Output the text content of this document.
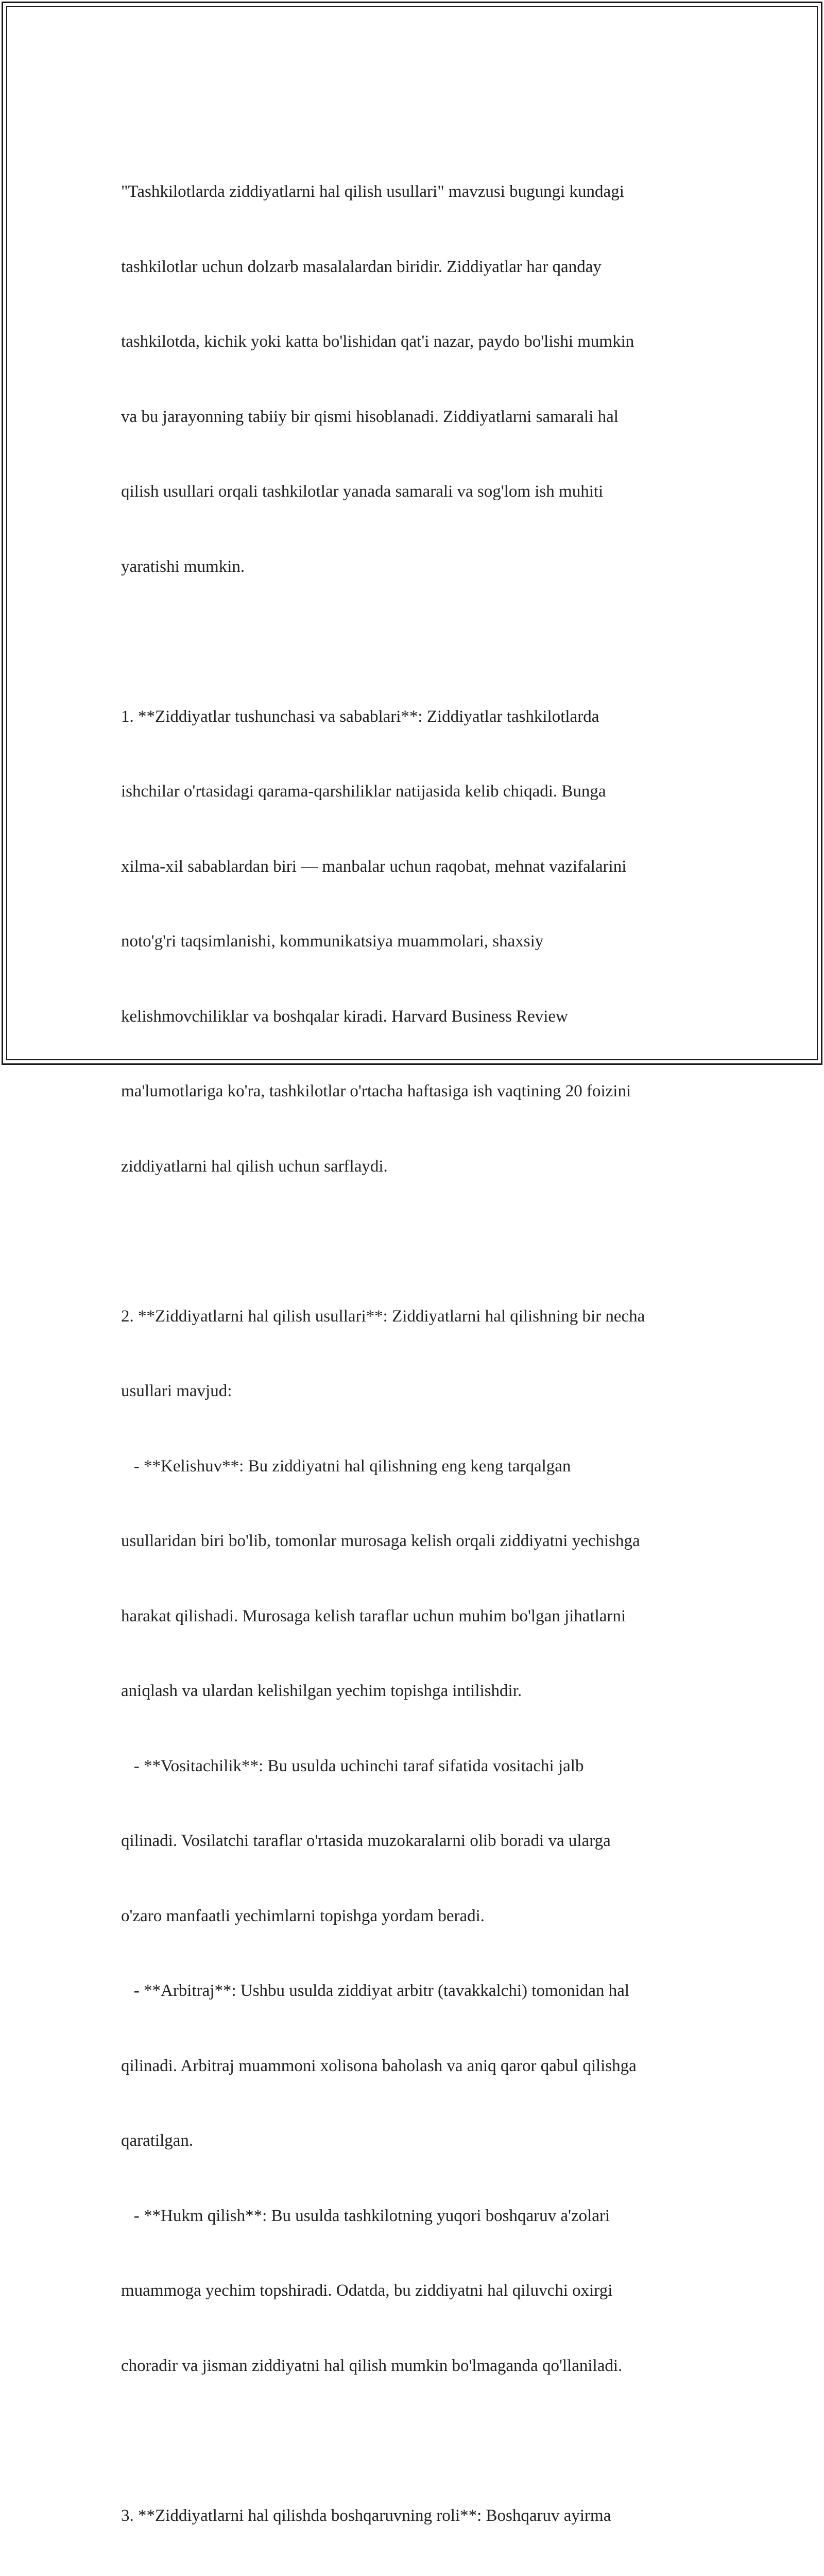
"Tashkilotlarda ziddiyatlarni hal qilish usullari" mavzusi bugungi kundagi

tashkilotlar uchun dolzarb masalalardan biridir. Ziddiyatlar har qanday

tashkilotda, kichik yoki katta bo'lishidan qat'i nazar, paydo bo'lishi mumkin

va bu jarayonning tabiiy bir qismi hisoblanadi. Ziddiyatlarni samarali hal

qilish usullari orqali tashkilotlar yanada samarali va sog'lom ish muhiti

yaratishi mumkin.

1. **Ziddiyatlar tushunchasi va sabablari**: Ziddiyatlar tashkilotlarda

ishchilar o'rtasidagi qarama-qarshiliklar natijasida kelib chiqadi. Bunga

xilma-xil sabablardan biri — manbalar uchun raqobat, mehnat vazifalarini

noto'g'ri taqsimlanishi, kommunikatsiya muammolari, shaxsiy

kelishmovchiliklar va boshqalar kiradi. Harvard Business Review

ma'lumotlariga ko'ra, tashkilotlar o'rtacha haftasiga ish vaqtining 20 foizini

ziddiyatlarni hal qilish uchun sarflaydi.

2. **Ziddiyatlarni hal qilish usullari**: Ziddiyatlarni hal qilishning bir necha

usullari mavjud:

- **Kelishuv**: Bu ziddiyatni hal qilishning eng keng tarqalgan

usullaridan biri bo'lib, tomonlar murosaga kelish orqali ziddiyatni yechishga

harakat qilishadi. Murosaga kelish taraflar uchun muhim bo'lgan jihatlarni

aniqlash va ulardan kelishilgan yechim topishga intilishdir.

- **Vositachilik**: Bu usulda uchinchi taraf sifatida vositachi jalb

qilinadi. Vosilatchi taraflar o'rtasida muzokaralarni olib boradi va ularga

o'zaro manfaatli yechimlarni topishga yordam beradi.

- **Arbitraj**: Ushbu usulda ziddiyat arbitr (tavakkalchi) tomonidan hal

qilinadi. Arbitraj muammoni xolisona baholash va aniq qaror qabul qilishga

qaratilgan.

- **Hukm qilish**: Bu usulda tashkilotning yuqori boshqaruv a'zolari

muammoga yechim topshiradi. Odatda, bu ziddiyatni hal qiluvchi oxirgi

choradir va jisman ziddiyatni hal qilish mumkin bo'lmaganda qo'llaniladi.

3. **Ziddiyatlarni hal qilishda boshqaruvning roli**: Boshqaruv ayirma
